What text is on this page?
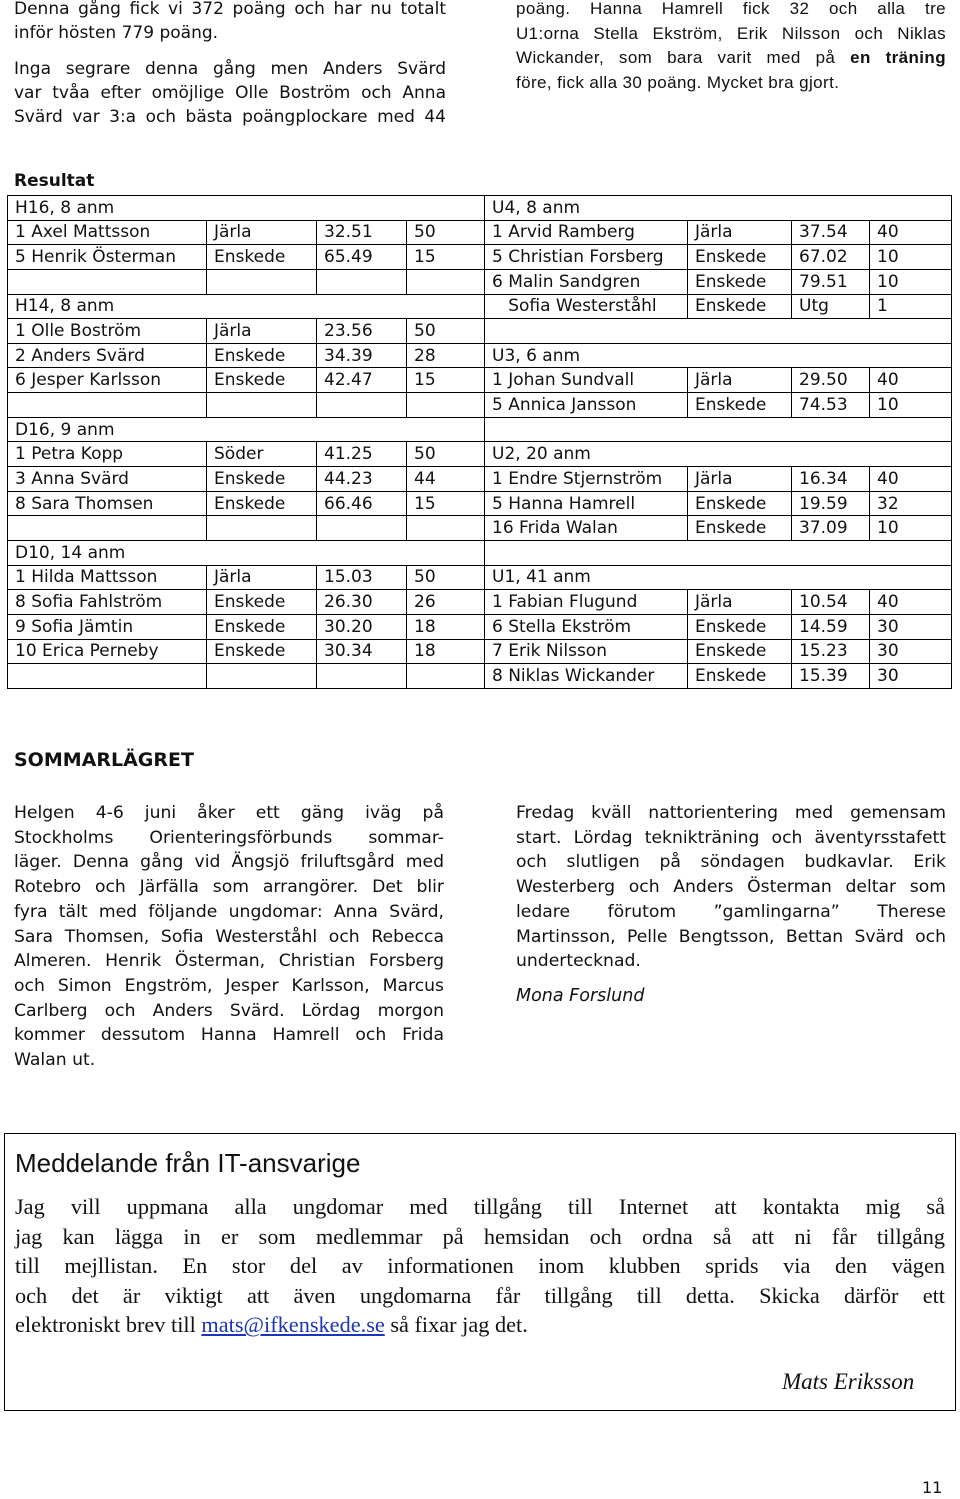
Denna gång fick vi 372 poäng och har nu totalt
inför hösten 779 poäng.
Inga segrare denna gång men Anders Svärd
var tvåa efter omöjlige Olle Boström och Anna
Svärd var 3:a och bästa poängplockare med 44
poäng. Hanna Hamrell fick 32 och alla tre
U1:orna Stella Ekström, Erik Nilsson och Niklas
Wickander, som bara varit med på en träning
före, fick alla 30 poäng. Mycket bra gjort.
Resultat
H16, 8 anm				U4, 8 anm			
1 Axel Mattsson	Järla	32.51	50	1 Arvid Ramberg	Järla	37.54	40
5 Henrik Österman	Enskede	65.49	15	5 Christian Forsberg	Enskede	67.02	10
				6 Malin Sandgren	Enskede	79.51	10
H14, 8 anm				Sofia Westerståhl	Enskede	Utg	1
1 Olle Boström	Järla	23.56	50				
2 Anders Svärd	Enskede	34.39	28	U3, 6 anm			
6 Jesper Karlsson	Enskede	42.47	15	1 Johan Sundvall	Järla	29.50	40
				5 Annica Jansson	Enskede	74.53	10
D16, 9 anm							
1 Petra Kopp	Söder	41.25	50	U2, 20 anm			
3 Anna Svärd	Enskede	44.23	44	1 Endre Stjernström	Järla	16.34	40
8 Sara Thomsen	Enskede	66.46	15	5 Hanna Hamrell	Enskede	19.59	32
				16 Frida Walan	Enskede	37.09	10
D10, 14 anm							
1 Hilda Mattsson	Järla	15.03	50	U1, 41 anm			
8 Sofia Fahlström	Enskede	26.30	26	1 Fabian Flugund	Järla	10.54	40
9 Sofia Jämtin	Enskede	30.20	18	6 Stella Ekström	Enskede	14.59	30
10 Erica Perneby	Enskede	30.34	18	7 Erik Nilsson	Enskede	15.23	30
				8 Niklas Wickander	Enskede	15.39	30
SOMMARLÄGRET
Helgen 4-6 juni åker ett gäng iväg på
Stockholms Orienteringsförbunds sommar-
läger. Denna gång vid Ängsjö friluftsgård med
Rotebro och Järfälla som arrangörer. Det blir
fyra tält med följande ungdomar: Anna Svärd,
Sara Thomsen, Sofia Westerståhl och Rebecca
Almeren. Henrik Österman, Christian Forsberg
och Simon Engström, Jesper Karlsson, Marcus
Carlberg och Anders Svärd. Lördag morgon
kommer dessutom Hanna Hamrell och Frida
Walan ut.
Fredag kväll nattorientering med gemensam
start. Lördag teknikträning och äventyrsstafett
och slutligen på söndagen budkavlar. Erik
Westerberg och Anders Österman deltar som
ledare förutom ”gamlingarna” Therese
Martinsson, Pelle Bengtsson, Bettan Svärd och
undertecknad.
Mona Forslund
Meddelande från IT-ansvarige
Jag vill uppmana alla ungdomar med tillgång till Internet att kontakta mig så
jag kan lägga in er som medlemmar på hemsidan och ordna så att ni får tillgång
till mejllistan. En stor del av informationen inom klubben sprids via den vägen
och det är viktigt att även ungdomarna får tillgång till detta. Skicka därför ett
elektroniskt brev till mats@ifkenskede.se så fixar jag det.
Mats Eriksson
11
